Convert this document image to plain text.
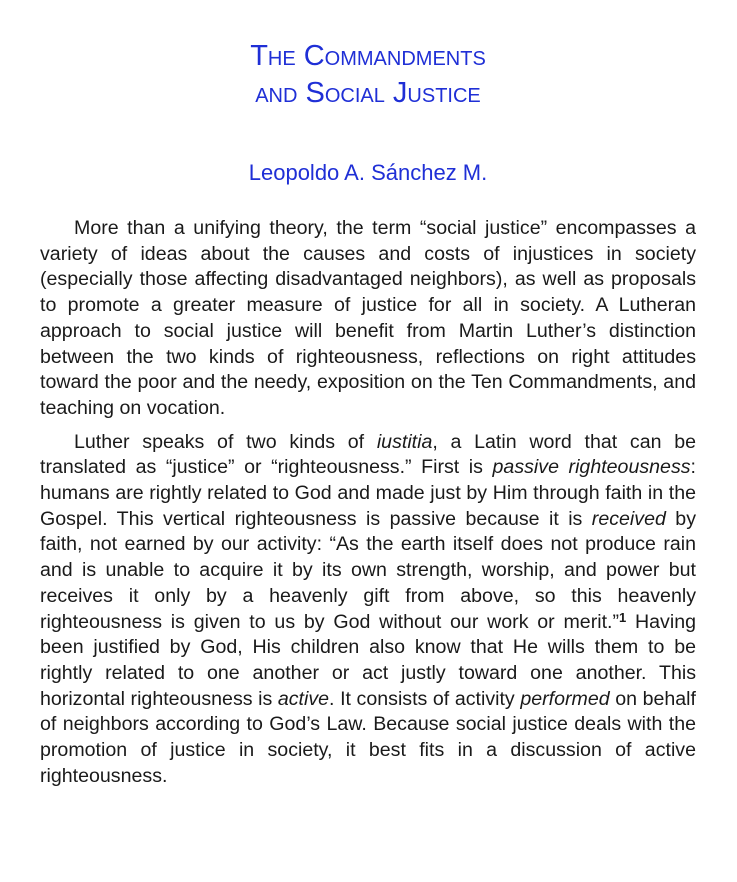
The Commandments
and Social Justice
Leopoldo A. Sánchez M.

More than a unifying theory, the term “social justice” encompasses a variety of ideas about the causes and costs of injustices in society (especially those affecting disadvantaged neighbors), as well as proposals to promote a greater measure of justice for all in society. A Lutheran approach to social justice will benefit from Martin Luther’s distinction between the two kinds of righteousness, reflections on right attitudes toward the poor and the needy, exposition on the Ten Commandments, and teaching on vocation.

Luther speaks of two kinds of iustitia, a Latin word that can be translated as “justice” or “righteousness.” First is passive righteousness: humans are rightly related to God and made just by Him through faith in the Gospel. This vertical righteousness is passive because it is received by faith, not earned by our activity: “As the earth itself does not produce rain and is unable to acquire it by its own strength, worship, and power but receives it only by a heavenly gift from above, so this heavenly righteousness is given to us by God without our work or merit.”$^1$ Having been justified by God, His children also know that He wills them to be rightly related to one another or act justly toward one another. This horizontal righteousness is active. It consists of activity performed on behalf of neighbors according to God’s Law. Because social justice deals with the promotion of justice in society, it best fits in a discussion of active righteousness.
